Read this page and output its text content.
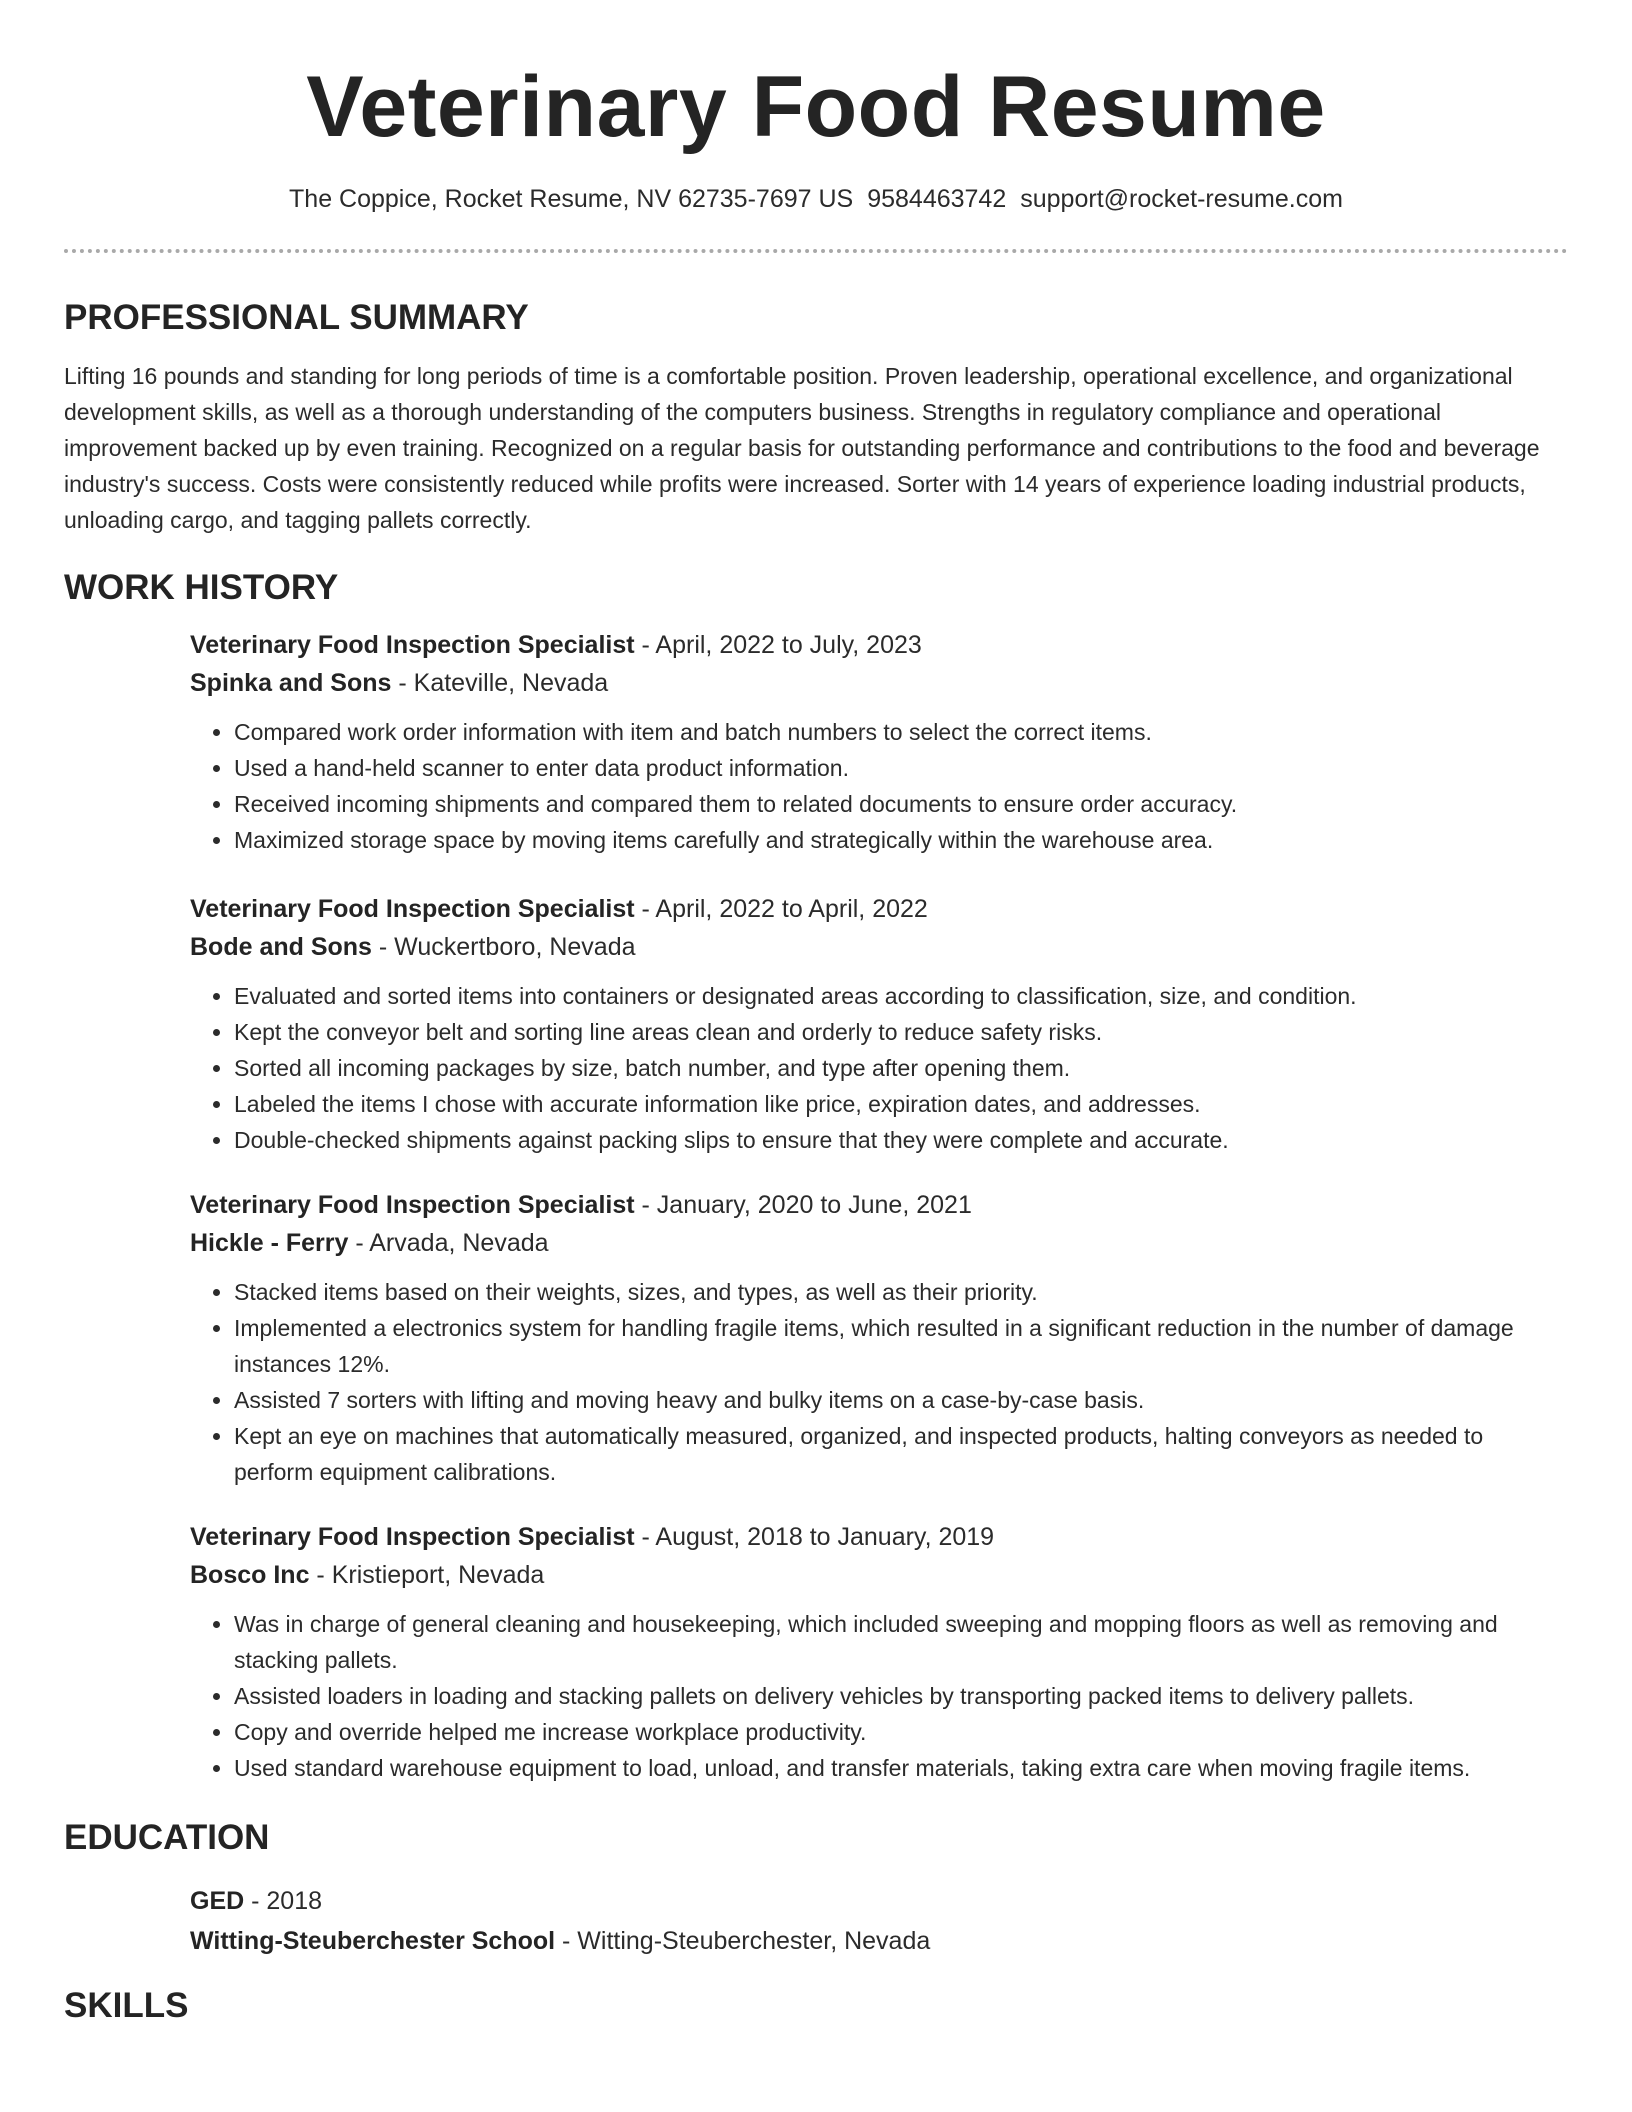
Veterinary Food Resume
The Coppice, Rocket Resume, NV 62735-7697 US 9584463742 support@rocket-resume.com
PROFESSIONAL SUMMARY

Lifting 16 pounds and standing for long periods of time is a comfortable position. Proven leadership, operational excellence, and organizational development skills, as well as a thorough understanding of the computers business. Strengths in regulatory compliance and operational improvement backed up by even training. Recognized on a regular basis for outstanding performance and contributions to the food and beverage industry's success. Costs were consistently reduced while profits were increased. Sorter with 14 years of experience loading industrial products, unloading cargo, and tagging pallets correctly.

WORK HISTORY
Veterinary Food Inspection Specialist - April, 2022 to July, 2023
Spinka and Sons - Kateville, Nevada
• Compared work order information with item and batch numbers to select the correct items.
• Used a hand-held scanner to enter data product information.
• Received incoming shipments and compared them to related documents to ensure order accuracy.
• Maximized storage space by moving items carefully and strategically within the warehouse area.
Veterinary Food Inspection Specialist - April, 2022 to April, 2022
Bode and Sons - Wuckertboro, Nevada
• Evaluated and sorted items into containers or designated areas according to classification, size, and condition.
• Kept the conveyor belt and sorting line areas clean and orderly to reduce safety risks.
• Sorted all incoming packages by size, batch number, and type after opening them.
• Labeled the items I chose with accurate information like price, expiration dates, and addresses.
• Double-checked shipments against packing slips to ensure that they were complete and accurate.
Veterinary Food Inspection Specialist - January, 2020 to June, 2021
Hickle - Ferry - Arvada, Nevada
• Stacked items based on their weights, sizes, and types, as well as their priority.
• Implemented a electronics system for handling fragile items, which resulted in a significant reduction in the number of damage instances 12%.
• Assisted 7 sorters with lifting and moving heavy and bulky items on a case-by-case basis.
• Kept an eye on machines that automatically measured, organized, and inspected products, halting conveyors as needed to perform equipment calibrations.
Veterinary Food Inspection Specialist - August, 2018 to January, 2019
Bosco Inc - Kristieport, Nevada
• Was in charge of general cleaning and housekeeping, which included sweeping and mopping floors as well as removing and stacking pallets.
• Assisted loaders in loading and stacking pallets on delivery vehicles by transporting packed items to delivery pallets.
• Copy and override helped me increase workplace productivity.
• Used standard warehouse equipment to load, unload, and transfer materials, taking extra care when moving fragile items.
EDUCATION
GED - 2018
Witting-Steuberchester School - Witting-Steuberchester, Nevada
SKILLS
